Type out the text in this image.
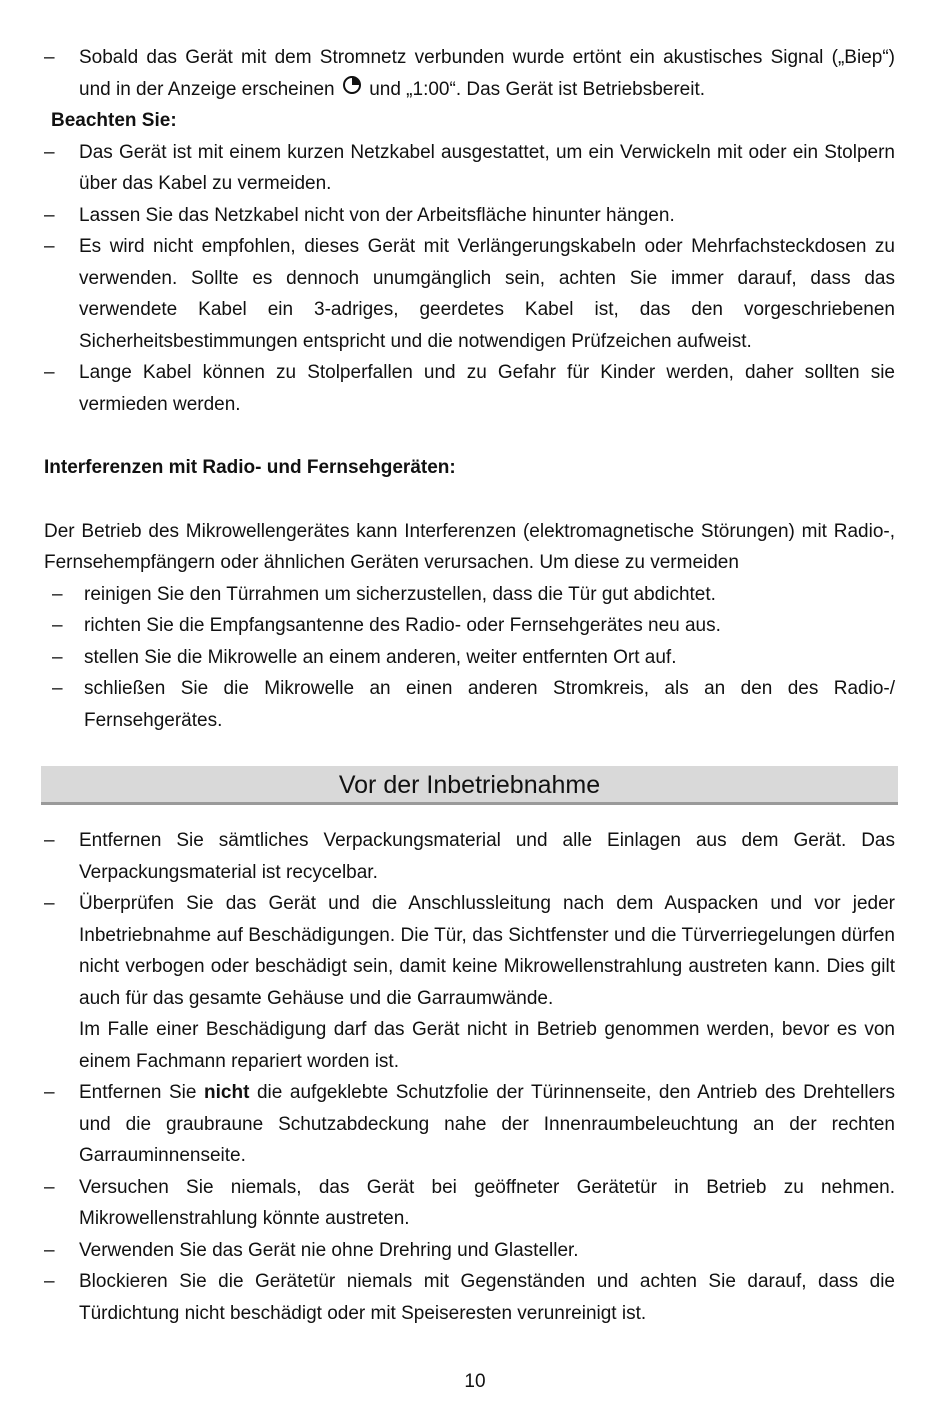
– Sobald das Gerät mit dem Stromnetz verbunden wurde ertönt ein akustisches Signal („Biep“) und in der Anzeige erscheinen und „1:00“. Das Gerät ist Betriebsbereit.
Beachten Sie:
– Das Gerät ist mit einem kurzen Netzkabel ausgestattet, um ein Verwickeln mit oder ein Stolpern über das Kabel zu vermeiden.
– Lassen Sie das Netzkabel nicht von der Arbeitsfläche hinunter hängen.
– Es wird nicht empfohlen, dieses Gerät mit Verlängerungskabeln oder Mehrfachsteckdosen zu verwenden. Sollte es dennoch unumgänglich sein, achten Sie immer darauf, dass das verwendete Kabel ein 3-adriges, geerdetes Kabel ist, das den vorgeschriebenen Sicherheitsbestimmungen entspricht und die notwendigen Prüfzeichen aufweist.
– Lange Kabel können zu Stolperfallen und zu Gefahr für Kinder werden, daher sollten sie vermieden werden.
Interferenzen mit Radio- und Fernsehgeräten:
Der Betrieb des Mikrowellengerätes kann Interferenzen (elektromagnetische Störungen) mit Radio-, Fernsehempfängern oder ähnlichen Geräten verursachen. Um diese zu vermeiden
– reinigen Sie den Türrahmen um sicherzustellen, dass die Tür gut abdichtet.
– richten Sie die Empfangsantenne des Radio- oder Fernsehgerätes neu aus.
– stellen Sie die Mikrowelle an einem anderen, weiter entfernten Ort auf.
– schließen Sie die Mikrowelle an einen anderen Stromkreis, als an den des Radio-/ Fernsehgerätes.
Vor der Inbetriebnahme
– Entfernen Sie sämtliches Verpackungsmaterial und alle Einlagen aus dem Gerät. Das Verpackungsmaterial ist recycelbar.
– Überprüfen Sie das Gerät und die Anschlussleitung nach dem Auspacken und vor jeder Inbetriebnahme auf Beschädigungen. Die Tür, das Sichtfenster und die Türverriegelungen dürfen nicht verbogen oder beschädigt sein, damit keine Mikrowellenstrahlung austreten kann. Dies gilt auch für das gesamte Gehäuse und die Garraumwände.
Im Falle einer Beschädigung darf das Gerät nicht in Betrieb genommen werden, bevor es von einem Fachmann repariert worden ist.
– Entfernen Sie nicht die aufgeklebte Schutzfolie der Türinnenseite, den Antrieb des Drehtellers und die graubraune Schutzabdeckung nahe der Innenraumbeleuchtung an der rechten Garrauminnenseite.
– Versuchen Sie niemals, das Gerät bei geöffneter Gerätetür in Betrieb zu nehmen. Mikrowellenstrahlung könnte austreten.
– Verwenden Sie das Gerät nie ohne Drehring und Glasteller.
– Blockieren Sie die Gerätetür niemals mit Gegenständen und achten Sie darauf, dass die Türdichtung nicht beschädigt oder mit Speiseresten verunreinigt ist.
10
